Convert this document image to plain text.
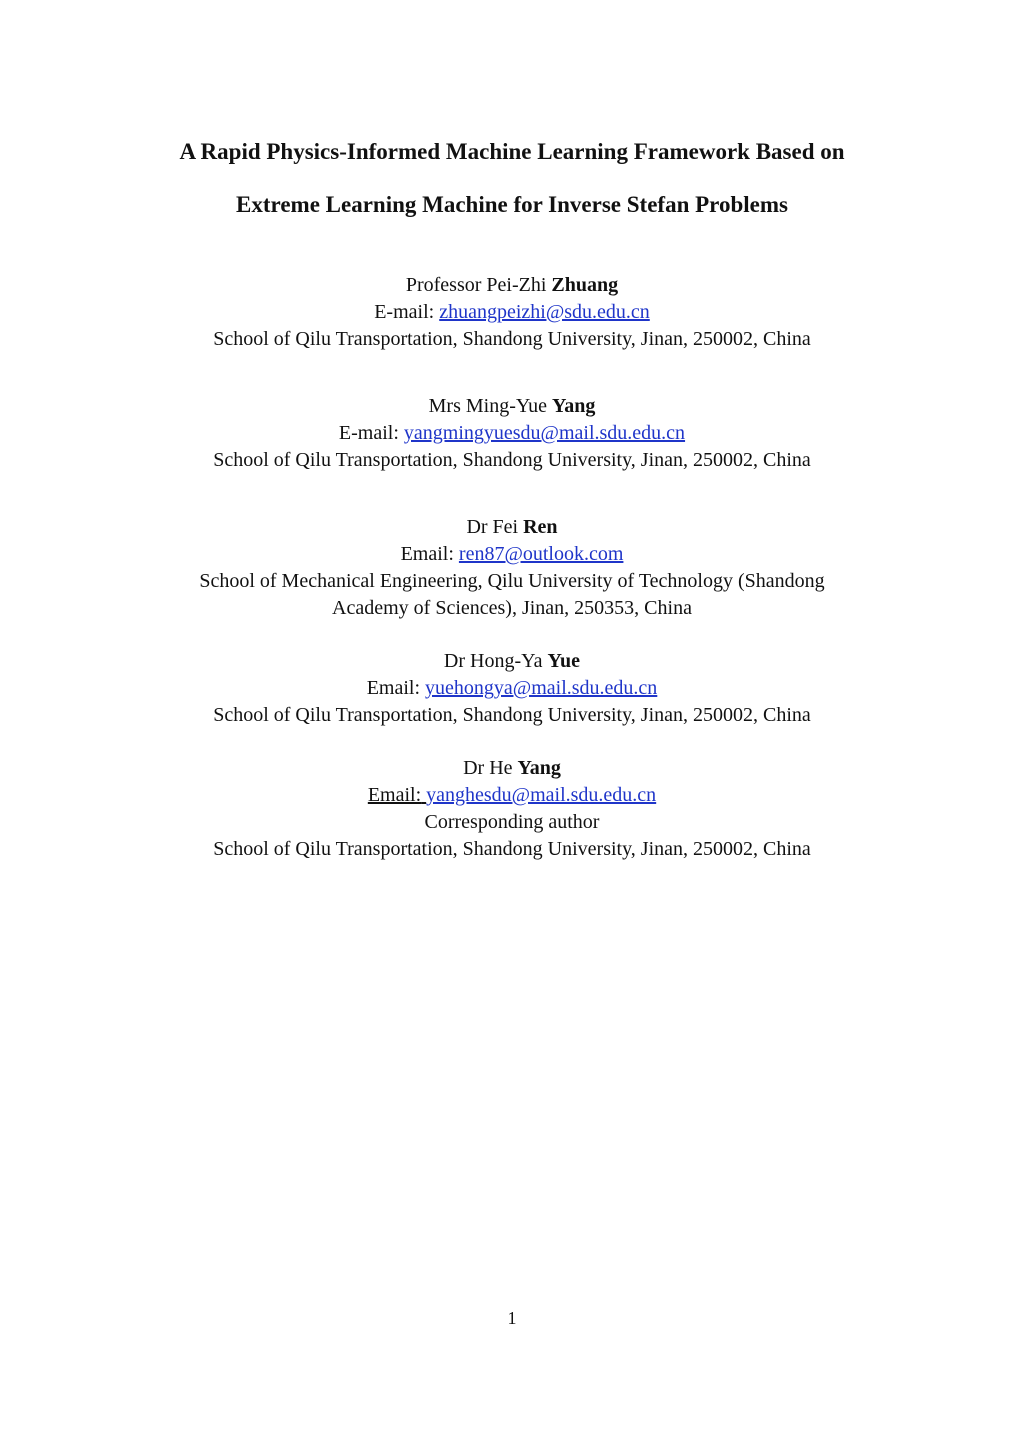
A Rapid Physics-Informed Machine Learning Framework Based on
Extreme Learning Machine for Inverse Stefan Problems
Professor Pei-Zhi Zhuang
E-mail: zhuangpeizhi@sdu.edu.cn
School of Qilu Transportation, Shandong University, Jinan, 250002, China
Mrs Ming-Yue Yang
E-mail: yangmingyuesdu@mail.sdu.edu.cn
School of Qilu Transportation, Shandong University, Jinan, 250002, China
Dr Fei Ren
Email: ren87@outlook.com
School of Mechanical Engineering, Qilu University of Technology (Shandong Academy of Sciences), Jinan, 250353, China
Dr Hong-Ya Yue
Email: yuehongya@mail.sdu.edu.cn
School of Qilu Transportation, Shandong University, Jinan, 250002, China
Dr He Yang
Email: yanghesdu@mail.sdu.edu.cn
Corresponding author
School of Qilu Transportation, Shandong University, Jinan, 250002, China
1
